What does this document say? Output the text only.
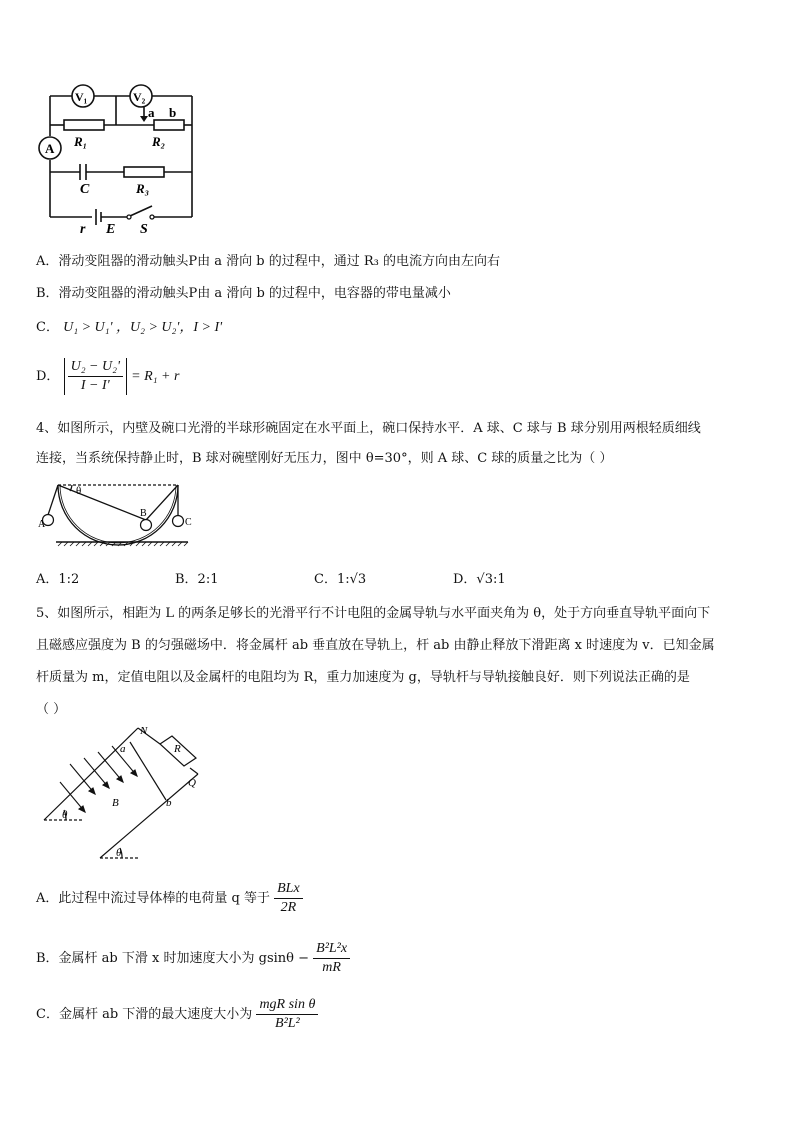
V₁	V₂
A
a b
R₁	R₂
C	R₃
r E S
A．滑动变阻器的滑动触头P由 a 滑向 b 的过程中，通过 R₃ 的电流方向由左向右
B．滑动变阻器的滑动触头P由 a 滑向 b 的过程中，电容器的带电量减小
C． U₁ > U₁' ，U₂ > U₂'，I > I'
D． $\frac{\text{U₂ − U₂'}}{I - I'} = R_1 + r$
4、如图所示，内壁及碗口光滑的半球形碗固定在水平面上，碗口保持水平．A 球、C 球与 B 球分别用两根轻质细线
连接，当系统保持静止时，B 球对碗壁刚好无压力，图中 θ=30°，则 A 球、C 球的质量之比为（ ）
A
B
C
θ
A．1:2	B．2:1	C．1:√3	D．√3:1
5、如图所示，相距为 L 的两条足够长的光滑平行不计电阻的金属导轨与水平面夹角为 θ，处于方向垂直导轨平面向下
且磁感应强度为 B 的匀强磁场中．将金属杆 ab 垂直放在导轨上，杆 ab 由静止释放下滑距离 x 时速度为 v．已知金属
杆质量为 m，定值电阻以及金属杆的电阻均为 R，重力加速度为 g，导轨杆与导轨接触良好．则下列说法正确的是
（ ）
N
R
a
Q
b
B
θ
θ
A．此过程中流过导体棒的电荷量 q 等于 $\frac{\text{BLx}}{2R}$
B．金属杆 ab 下滑 x 时加速度大小为 $gsin\theta - \frac{\text{B²L²x}}{mR}$
C．金属杆 ab 下滑的最大速度大小为 $\frac{\text{mgR sin θ}}{\text{B²L²}}$
